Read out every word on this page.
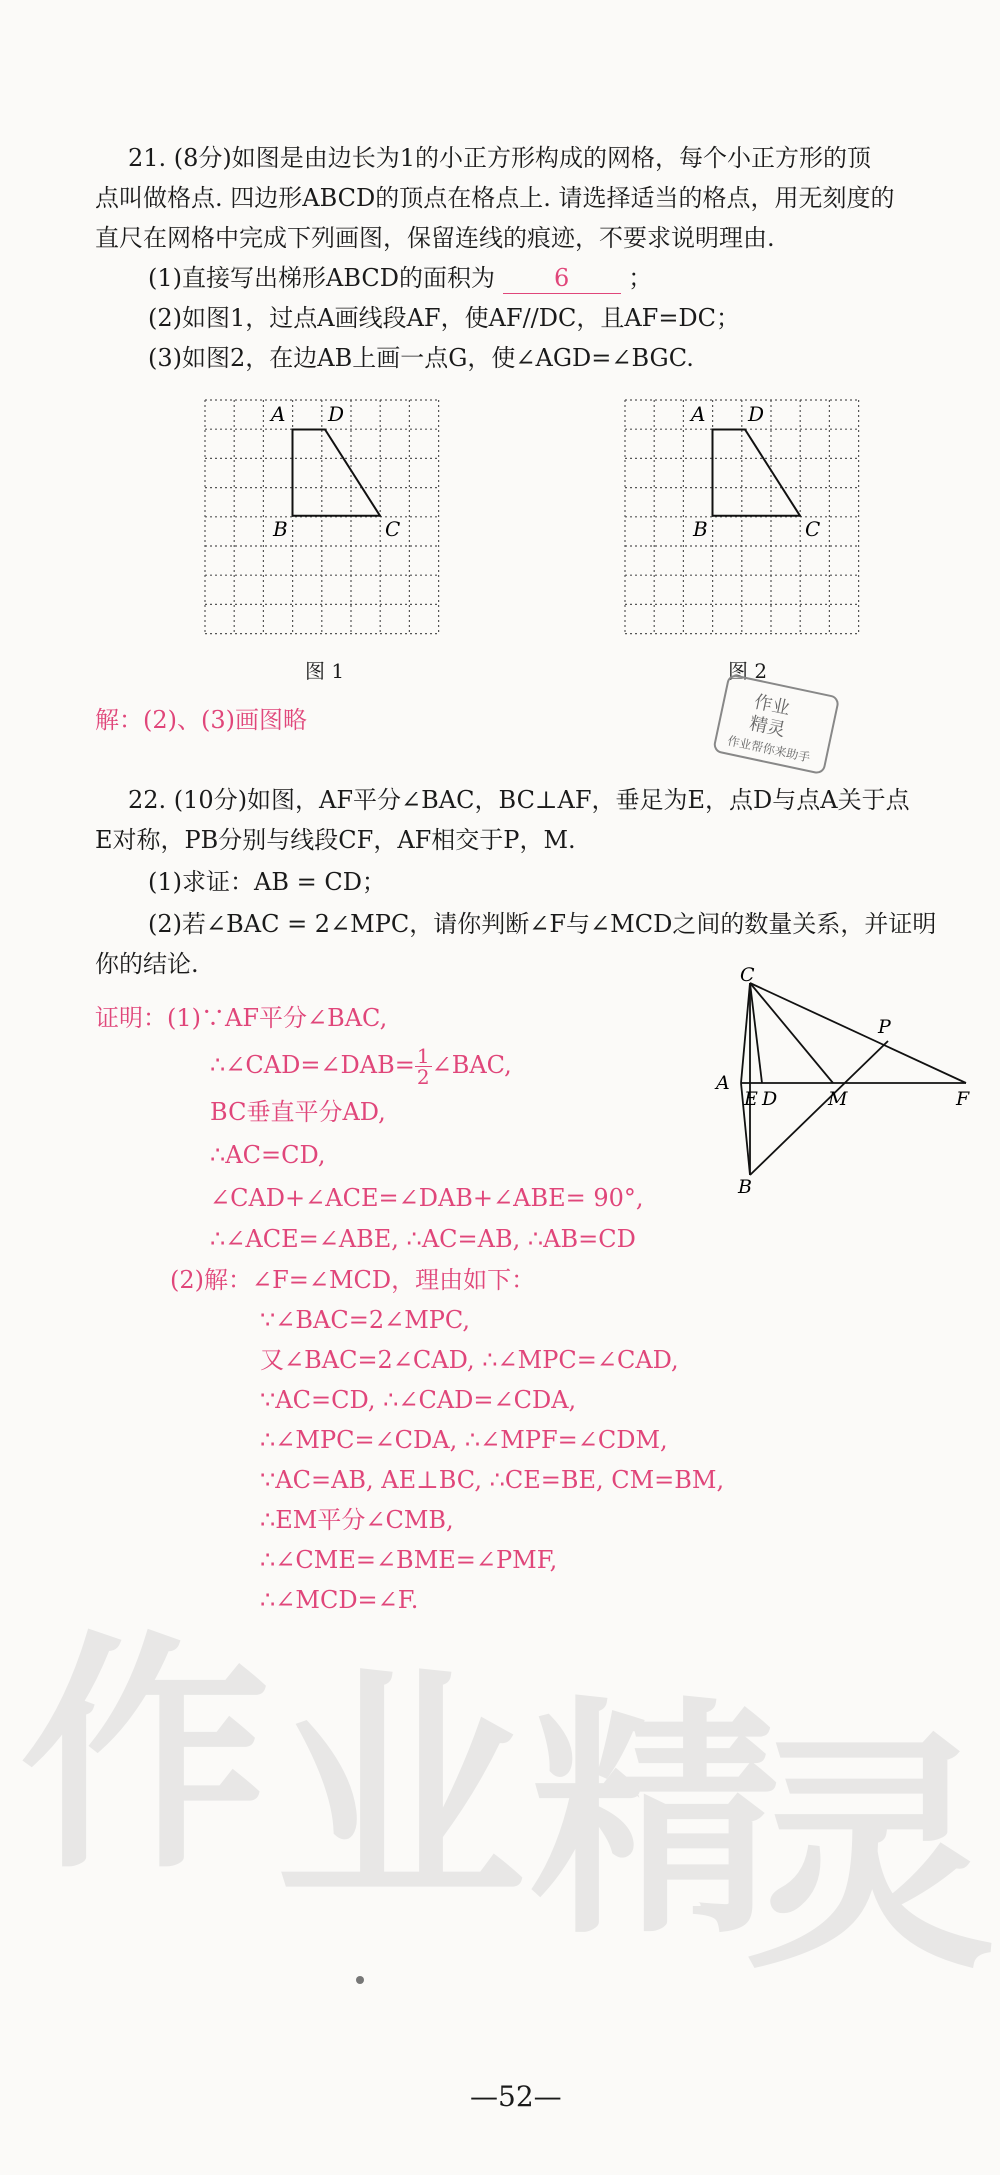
作 业 精
灵
21. (8分)如图是由边长为1的小正方形构成的网格，每个小正方形的顶
点叫做格点. 四边形ABCD的顶点在格点上. 请选择适当的格点，用无刻度的
直尺在网格中完成下列画图，保留连线的痕迹，不要求说明理由.
(1)直接写出梯形ABCD的面积为 6 ；
(2)如图1，过点A画线段AF，使AF//DC，且AF=DC；
(3)如图2，在边AB上画一点G，使∠AGD=∠BGC.
A D
B	C
图 1
A D
B	C
图 2
作业
精灵
作业帮你来助手
解：(2)、(3)画图略
22. (10分)如图，AF平分∠BAC，BC⊥AF，垂足为E，点D与点A关于点
E对称，PB分别与线段CF，AF相交于P，M.
(1)求证：AB = CD；
(2)若∠BAC = 2∠MPC，请你判断∠F与∠MCD之间的数量关系，并证明
你的结论.	C
P
A
E D	M	F
B
证明：(1)∵AF平分∠BAC,
∴∠CAD=∠DAB= $\frac{1}{2}$ ∠BAC,
BC垂直平分AD,
∴AC=CD,
∠CAD+∠ACE=∠DAB+∠ABE= 90°,
∴∠ACE=∠ABE, ∴AC=AB, ∴AB=CD
(2)解：∠F=∠MCD，理由如下：
∵∠BAC=2∠MPC,
又∠BAC=2∠CAD, ∴∠MPC=∠CAD,
∵AC=CD, ∴∠CAD=∠CDA,
∴∠MPC=∠CDA, ∴∠MPF=∠CDM,
∵AC=AB, AE⊥BC, ∴CE=BE, CM=BM,
∴EM平分∠CMB,
∴∠CME=∠BME=∠PMF,
∴∠MCD=∠F.
—52—
